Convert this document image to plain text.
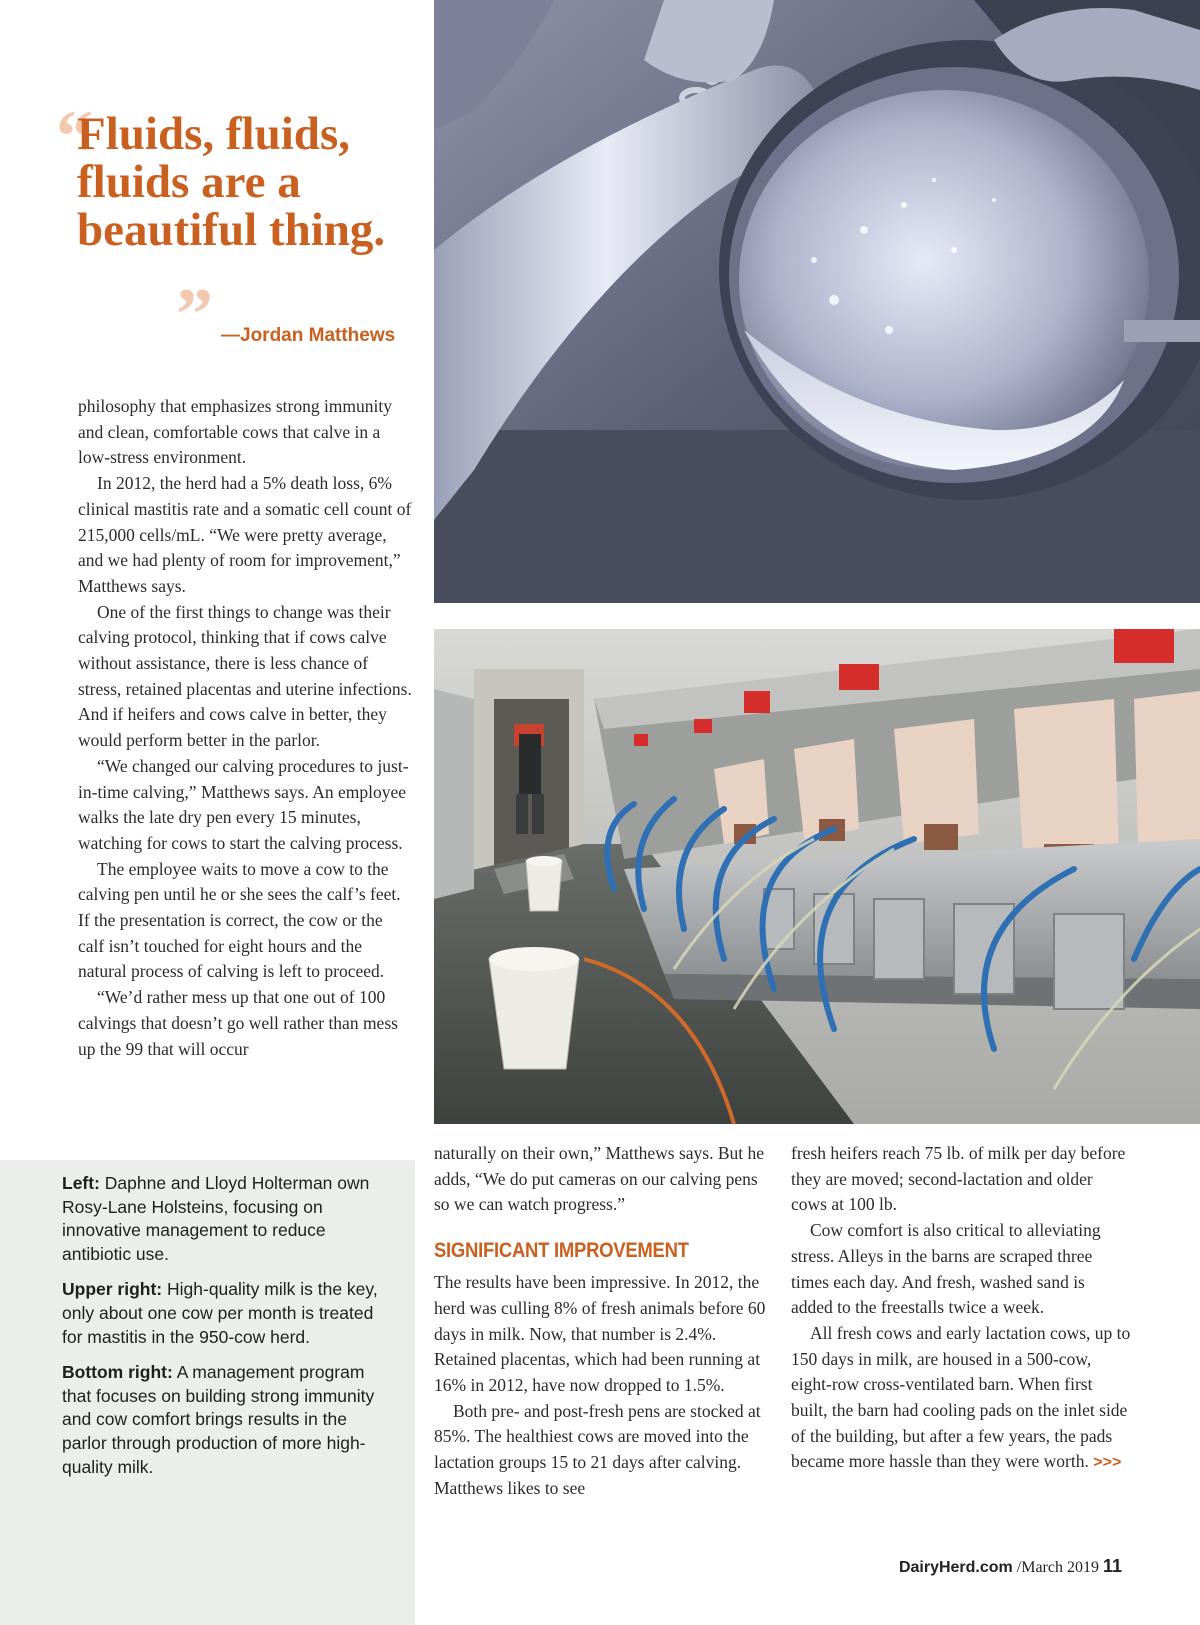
“
Fluids, fluids, fluids are a beautiful thing.
” —Jordan Matthews

philosophy that emphasizes strong immunity and clean, comfortable cows that calve in a low-stress environment.

In 2012, the herd had a 5% death loss, 6% clinical mastitis rate and a somatic cell count of 215,000 cells/mL. “We were pretty average, and we had plenty of room for improvement,” Matthews says.

One of the first things to change was their calving protocol, thinking that if cows calve without assistance, there is less chance of stress, retained placentas and uterine infections. And if heifers and cows calve in better, they would perform better in the parlor.

“We changed our calving procedures to just-in-time calving,” Matthews says. An employee walks the late dry pen every 15 minutes, watching for cows to start the calving process.

The employee waits to move a cow to the calving pen until he or she sees the calf’s feet. If the presentation is correct, the cow or the calf isn’t touched for eight hours and the natural process of calving is left to proceed.

“We’d rather mess up that one out of 100 calvings that doesn’t go well rather than mess up the 99 that will occur

Left: Daphne and Lloyd Holterman own Rosy-Lane Holsteins, focusing on innovative management to reduce antibiotic use.

Upper right: High-quality milk is the key, only about one cow per month is treated for mastitis in the 950-cow herd.

Bottom right: A management program that focuses on building strong immunity and cow comfort brings results in the parlor through production of more high-quality milk.

naturally on their own,” Matthews says. But he adds, “We do put cameras on our calving pens so we can watch progress.”

SIGNIFICANT IMPROVEMENT

The results have been impressive. In 2012, the herd was culling 8% of fresh animals before 60 days in milk. Now, that number is 2.4%. Retained placentas, which had been running at 16% in 2012, have now dropped to 1.5%.

Both pre- and post-fresh pens are stocked at 85%. The healthiest cows are moved into the lactation groups 15 to 21 days after calving. Matthews likes to see

fresh heifers reach 75 lb. of milk per day before they are moved; second-lactation and older cows at 100 lb.

Cow comfort is also critical to alleviating stress. Alleys in the barns are scraped three times each day. And fresh, washed sand is added to the freestalls twice a week.

All fresh cows and early lactation cows, up to 150 days in milk, are housed in a 500-cow, eight-row cross-ventilated barn. When first built, the barn had cooling pads on the inlet side of the building, but after a few years, the pads became more hassle than they were worth. >>>

DairyHerd.com /March 2019 11
